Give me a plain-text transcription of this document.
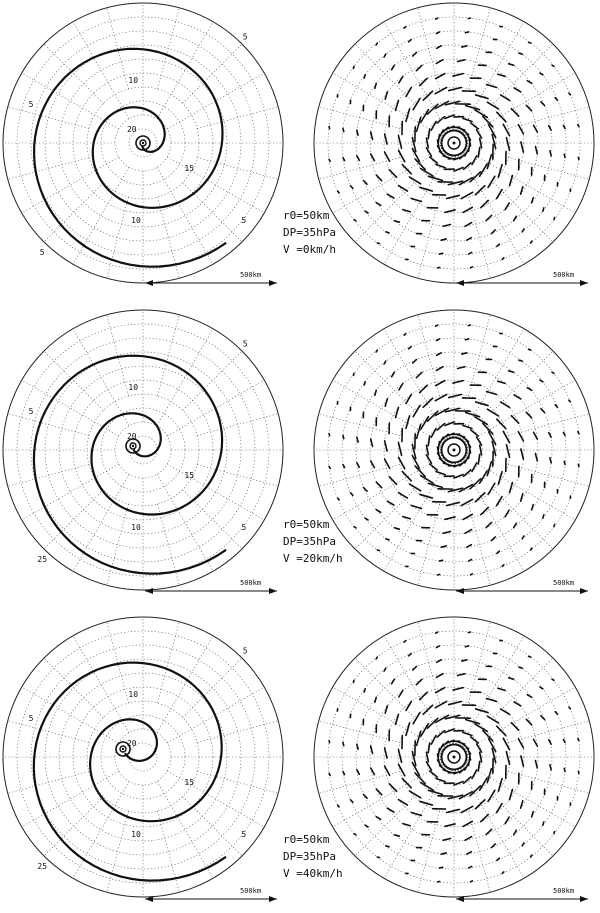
5
5
5
10
10
15
20
5
r0=50km
DP=35hPa
V =0km/h
500km	500km
5
5
5
10
10
15
20
25
r0=50km
DP=35hPa
V =20km/h
500km	500km
5
5
5
10
10
15
20
25
r0=50km
DP=35hPa
V =40km/h
500km	500km
